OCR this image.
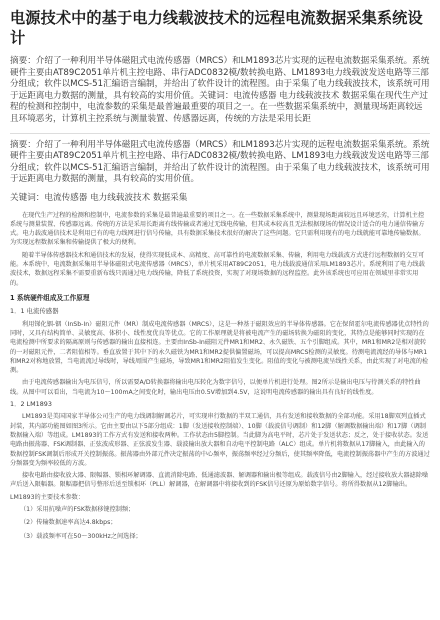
电源技术中的基于电力线载波技术的远程电流数据采集系统设计
摘要：介绍了一种利用半导体磁阻式电流传感器（MRCS）和LM1893芯片实现的远程电流数据采集系统。系统硬件主要由AT89C2051单片机主控电路、串行ADC0832模/数转换电路、LM1893电力线载波发送电路等三部分组成；软件以MCS-51汇编语言编制，并给出了软件设计的流程图。由于采集了电力线载波技术，该系统可用于远距离电力数据的测量，具有较高的实用价值。关键词：电流传感器 电力线载波技术 数据采集在现代生产过程的检测和控制中，电流参数的采集是最普遍最重要的项目之一。在一些数据采集系统中，测量现场距离较远且环境恶劣，计算机主控系统与测量装置、传感器远离，传统的方法是采用长距
摘要：介绍了一种利用半导体磁阻式电流传感器（MRCS）和LM1893芯片实现的远程电流数据采集系统。系统硬件主要由AT89C2051单片机主控电路、串行ADC0832模/数转换电路、LM1893电力线载波发送电路等三部分组成；软件以MCS-51汇编语言编制，并给出了软件设计的流程图。由于采集了电力线载波技术，该系统可用于远距离电力数据的测量，具有较高的实用价值。
关键词：电流传感器 电力线载波技术 数据采集
在现代生产过程的检测和控制中，电流参数的采集是最普遍最重要的项目之一。在一些数据采集系统中，测量现场距离较远且环境恶劣，计算机主控系统与测量装置、传感器远离。传统的方法是采用长距离有线传输或者通过无线电传输，但其成本较高且无法根据现场的情况设计适合的电力通信传输方式。电力载波通信技术是利用已有的电力线网进行信号传输，具有数据采集技术很好的解决了这些问题。它只需利用现有的电力线就能可靠地传输数据。为实现远程数据采集和传输提供了极大的便利。
随着半导体传感器技术和通信技术的发展，使得实现低成本、高精度、高可靠性的电流数据采集、传输，利用电力线载波方式进行远程数据的交互可能。本系统中，电流数据采集用半导体磁阻式电流传感器（MRCS），单片机采用AT89C2051，电力线载波通信采用LM1893芯片。系统利用了电力线载波技术，数据远程采集不需要重新布线只需通过电力线传输，降低了系统投资，实现了对现场数据的远程监控。此外该系统也可应用在领域里非常实用的。
1 系统硬件组成及工作原理
1．1 电流传感器
利用锑化铟-铟（InSb-In）磁阻元件（MR）制成电流传感器（MRCS），这是一种基于磁阻效应的半导体传感器。它在保留霍尔电流传感器优点特性的同时，又具有结构简单、灵敏度高、体积小、线性度优良等优点。它的工作原理就是将被电流产生的磁场转换为磁阻的变化，其特点是能够同时实现的在电流检测中所要求的隔离原则与传感器的输出直接相连。主要由InSb-In磁阻元件MR1和MR2、永久磁铁、五个引脚组成。其中，MR1和MR2是相对旋转的一对磁阻元件，二者阻值相等。垂直放置于其中下的永久磁铁为MR1和MR2提供偏置磁场，可以提高MRCS检测的灵敏度。待测电流流经的导体与MR1和MR2对称地放置，当电流流过导线时，导线周围产生磁场，导致MR1和MR2阻值发生变化。阻值的变化与被测电流呈线性关系，由此实现了对电流的检测。
由于电流传感器输出为电压信号，所以需要A/D转换器将输出电压转化为数字信号，以便单片机进行处理。图2所示是输出电压与待测关系的特性曲线。从图中可以看出，当电流为10～100mA之间变化时，输出电压由0.5V增加到4.5V，这说明电流传感器的输出具有良好的线性度。
1．2 LM1893
LM1893是美国国家半导体公司生产的电力线调制解调芯片，可实现串行数据的半双工通信，具有发送和接收数据的全部功能。采用18脚双列直插式封装，其内部功能图如图3所示。它由主要由以下5部分组成：1脚（发送接收控制端）、10脚（载波信号调制）和12脚（解调数据输出端）和17脚（调制数据输入端）等组成。LM1893的工作方式有发送和接收两种。工作状态由5脚控制。当此脚为高电平时，芯片处于发送状态；反之，处于接收状态。发送电路由振荡器、FSK调制器、正弦波成形器、正弦波发生器、载波输出放大器和自动电平控制电路（ALC）组成。单片机将数据从17脚输入，由此输入的数据控制FSK调制后形成开关控制振荡。振荡器由外部元件决定振荡的中心频率，振荡频率经过分频后，使其频率降低，电流控制振荡器中产生的方波通过分频器变为频率较低的方波。
接收电路由接收放大器、限幅器、锁相环解调器、直流消除电路、低通滤波器、解调器和输出极等组成。载波信号由2脚输入，经过接收放大器滤除噪声后送入限幅器。限幅器把信号整形后送至锁相环（PLL）解调器，在解调器中将接收到的FSK信号还原为原始数字信号。将所得数据从12脚输出。
LM1893的主要技术参数：
（1）采用抗噪声的FSK数据移键控制频；
（2）传输数据速率高达4.8kbps；
（3）载波频率可在50～300kHz之间选择；
